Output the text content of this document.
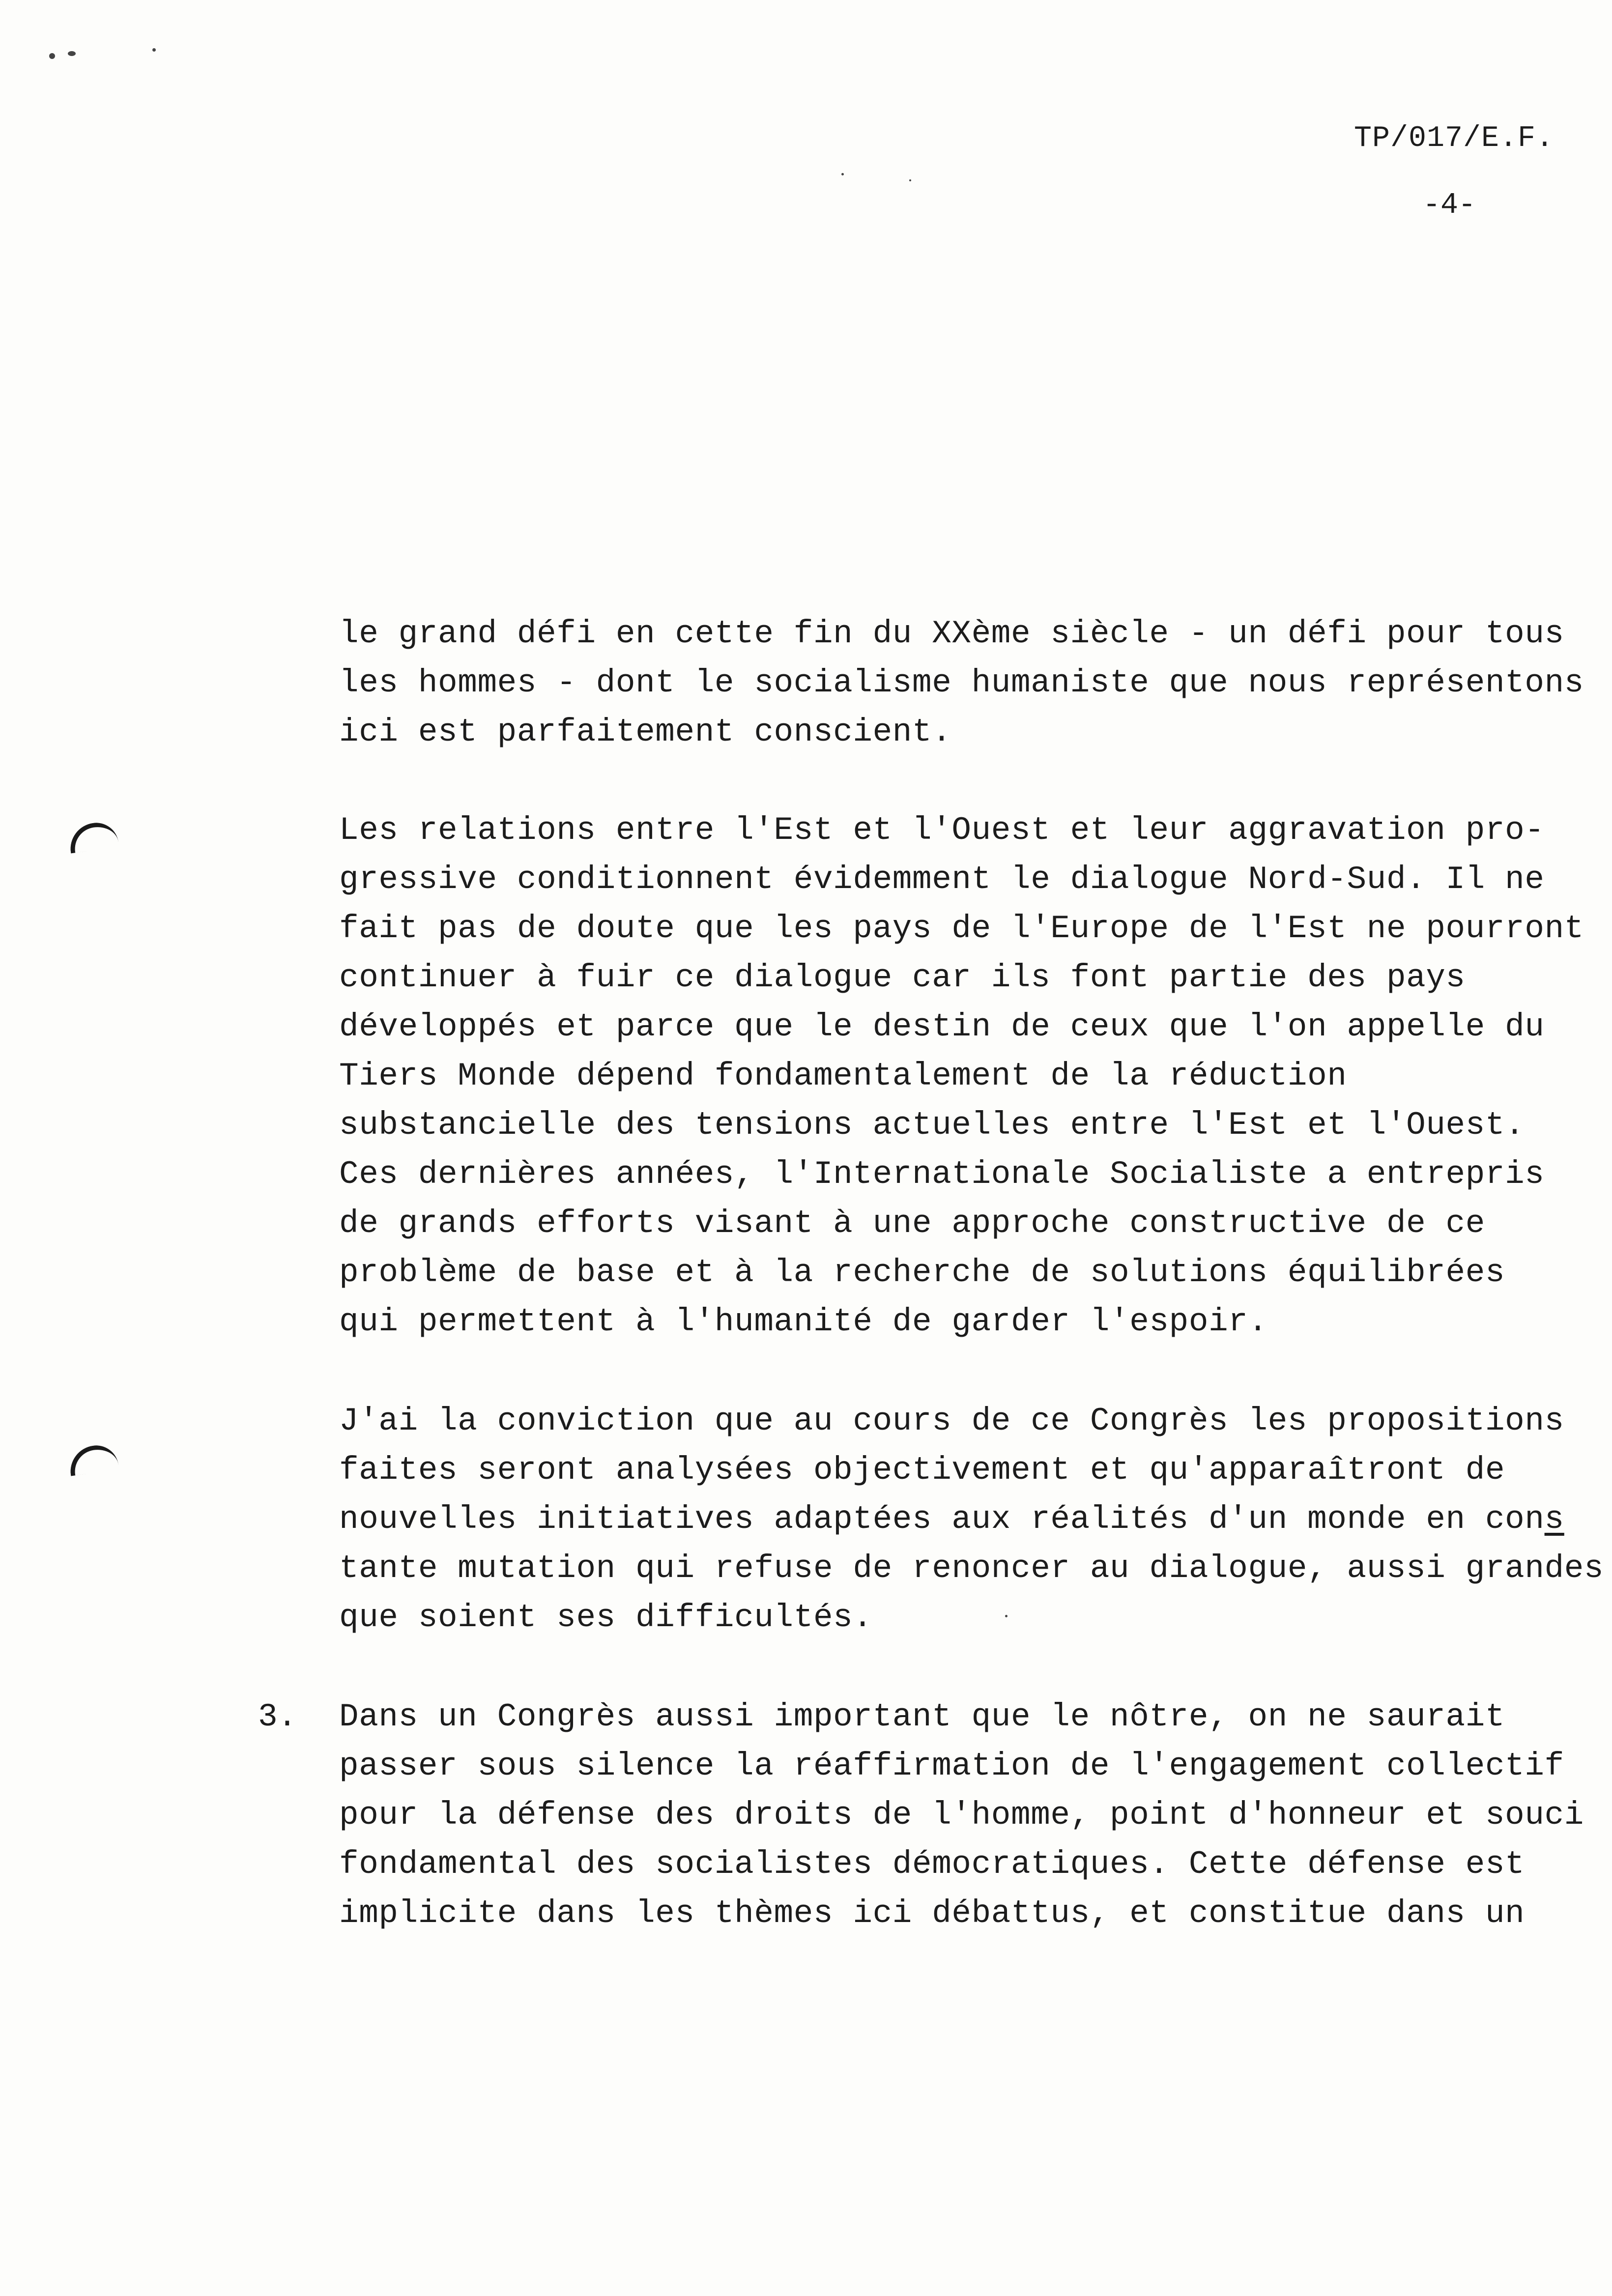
TP/017/E.F.
-4-
le grand défi en cette fin du XXème siècle - un défi pour tous
les hommes - dont le socialisme humaniste que nous représentons
ici est parfaitement conscient.
Les relations entre l'Est et l'Ouest et leur aggravation pro-
gressive conditionnent évidemment le dialogue Nord-Sud. Il ne
fait pas de doute que les pays de l'Europe de l'Est ne pourront
continuer à fuir ce dialogue car ils font partie des pays
développés et parce que le destin de ceux que l'on appelle du
Tiers Monde dépend fondamentalement de la réduction
substancielle des tensions actuelles entre l'Est et l'Ouest.
Ces dernières années, l'Internationale Socialiste a entrepris
de grands efforts visant à une approche constructive de ce
problème de base et à la recherche de solutions équilibrées
qui permettent à l'humanité de garder l'espoir.
J'ai la conviction que au cours de ce Congrès les propositions
faites seront analysées objectivement et qu'apparaîtront de
nouvelles initiatives adaptées aux réalités d'un monde en cons
tante mutation qui refuse de renoncer au dialogue, aussi grandes
que soient ses difficultés.
3. Dans un Congrès aussi important que le nôtre, on ne saurait
passer sous silence la réaffirmation de l'engagement collectif
pour la défense des droits de l'homme, point d'honneur et souci
fondamental des socialistes démocratiques. Cette défense est
implicite dans les thèmes ici débattus, et constitue dans un
